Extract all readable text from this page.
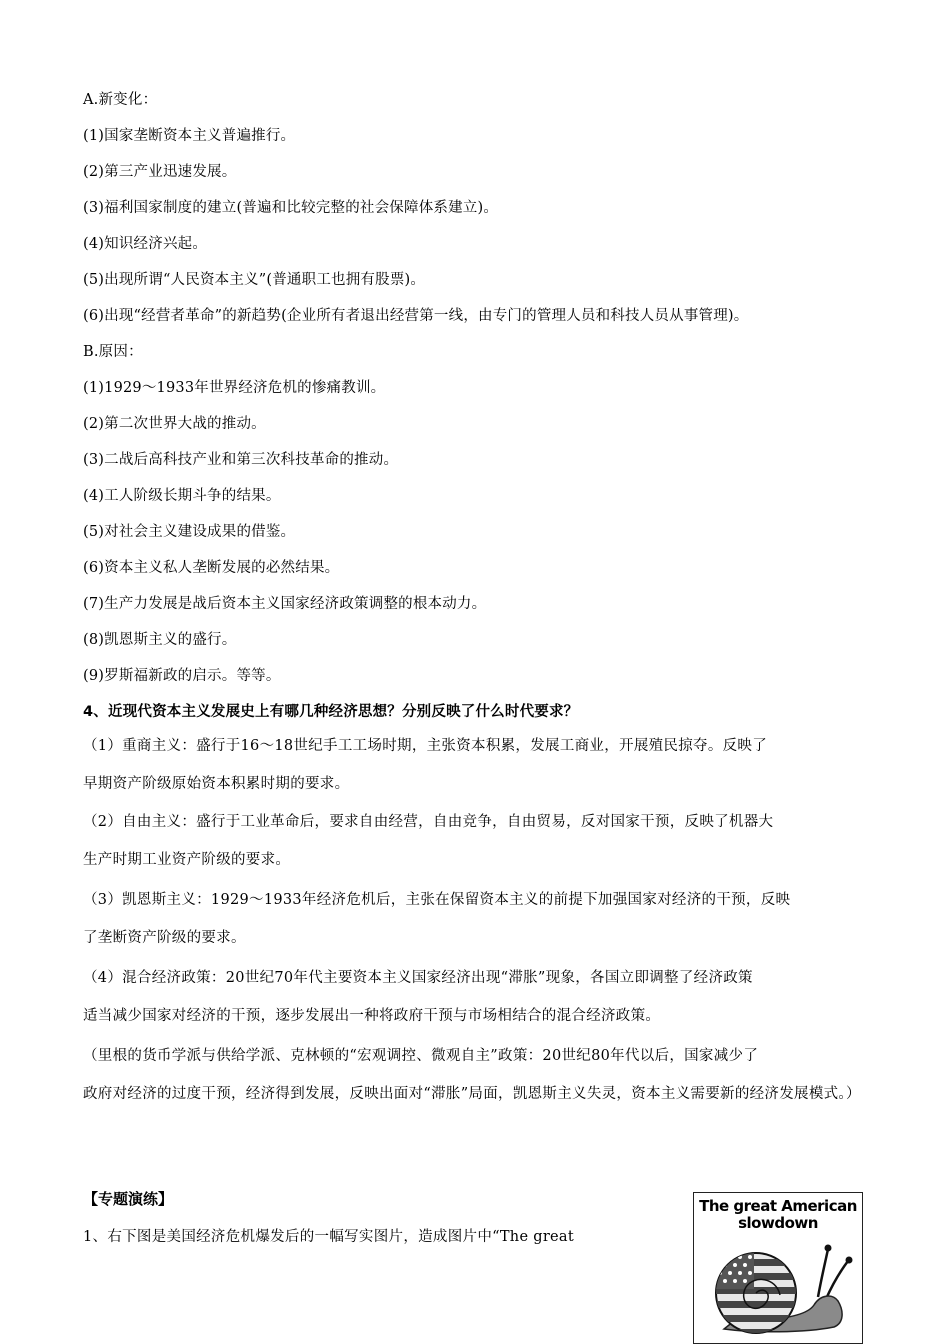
A.新变化：
(1)国家垄断资本主义普遍推行。
(2)第三产业迅速发展。
(3)福利国家制度的建立(普遍和比较完整的社会保障体系建立)。
(4)知识经济兴起。
(5)出现所谓“人民资本主义”(普通职工也拥有股票)。
(6)出现“经营者革命”的新趋势(企业所有者退出经营第一线，由专门的管理人员和科技人员从事管理)。
B.原因：
(1)1929～1933年世界经济危机的惨痛教训。
(2)第二次世界大战的推动。
(3)二战后高科技产业和第三次科技革命的推动。
(4)工人阶级长期斗争的结果。
(5)对社会主义建设成果的借鉴。
(6)资本主义私人垄断发展的必然结果。
(7)生产力发展是战后资本主义国家经济政策调整的根本动力。
(8)凯恩斯主义的盛行。
(9)罗斯福新政的启示。等等。
4、近现代资本主义发展史上有哪几种经济思想？分别反映了什么时代要求？
（1）重商主义：盛行于16～18世纪手工工场时期，主张资本积累，发展工商业，开展殖民掠夺。反映了
早期资产阶级原始资本积累时期的要求。
（2）自由主义：盛行于工业革命后，要求自由经营，自由竞争，自由贸易，反对国家干预，反映了机器大
生产时期工业资产阶级的要求。
（3）凯恩斯主义：1929～1933年经济危机后，主张在保留资本主义的前提下加强国家对经济的干预，反映
了垄断资产阶级的要求。
（4）混合经济政策：20世纪70年代主要资本主义国家经济出现“滞胀”现象，各国立即调整了经济政策
适当减少国家对经济的干预，逐步发展出一种将政府干预与市场相结合的混合经济政策。
（里根的货币学派与供给学派、克林顿的“宏观调控、微观自主”政策：20世纪80年代以后，国家减少了
政府对经济的过度干预，经济得到发展，反映出面对“滞胀”局面，凯恩斯主义失灵，资本主义需要新的经济发展模式。）
【专题演练】
1、右下图是美国经济危机爆发后的一幅写实图片，造成图片中“The great
The great American
slowdown
